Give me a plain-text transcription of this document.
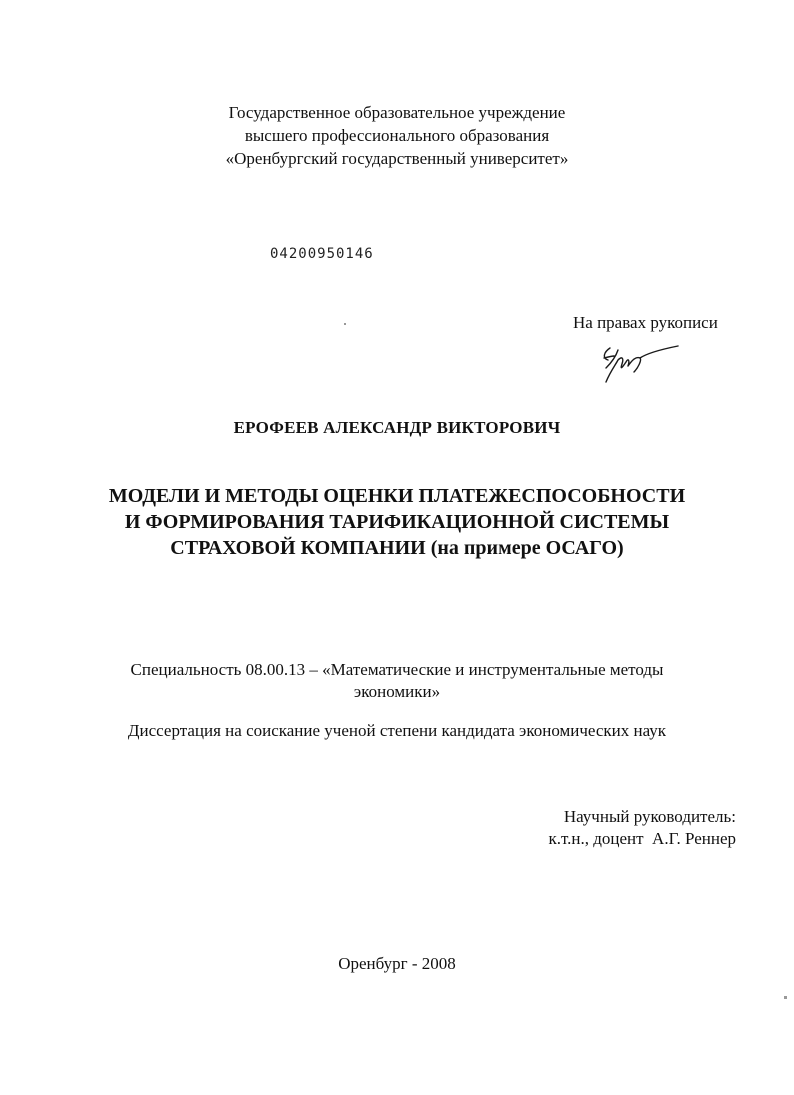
Государственное образовательное учреждение
высшего профессионального образования
«Оренбургский государственный университет»
04200950146
На правах рукописи
ЕРОФЕЕВ АЛЕКСАНДР ВИКТОРОВИЧ
МОДЕЛИ И МЕТОДЫ ОЦЕНКИ ПЛАТЕЖЕСПОСОБНОСТИ
И ФОРМИРОВАНИЯ ТАРИФИКАЦИОННОЙ СИСТЕМЫ
СТРАХОВОЙ КОМПАНИИ (на примере ОСАГО)
Специальность 08.00.13 – «Математические и инструментальные методы
экономики»
Диссертация на соискание ученой степени кандидата экономических наук
Научный руководитель:
к.т.н., доцент  А.Г. Реннер
Оренбург - 2008
